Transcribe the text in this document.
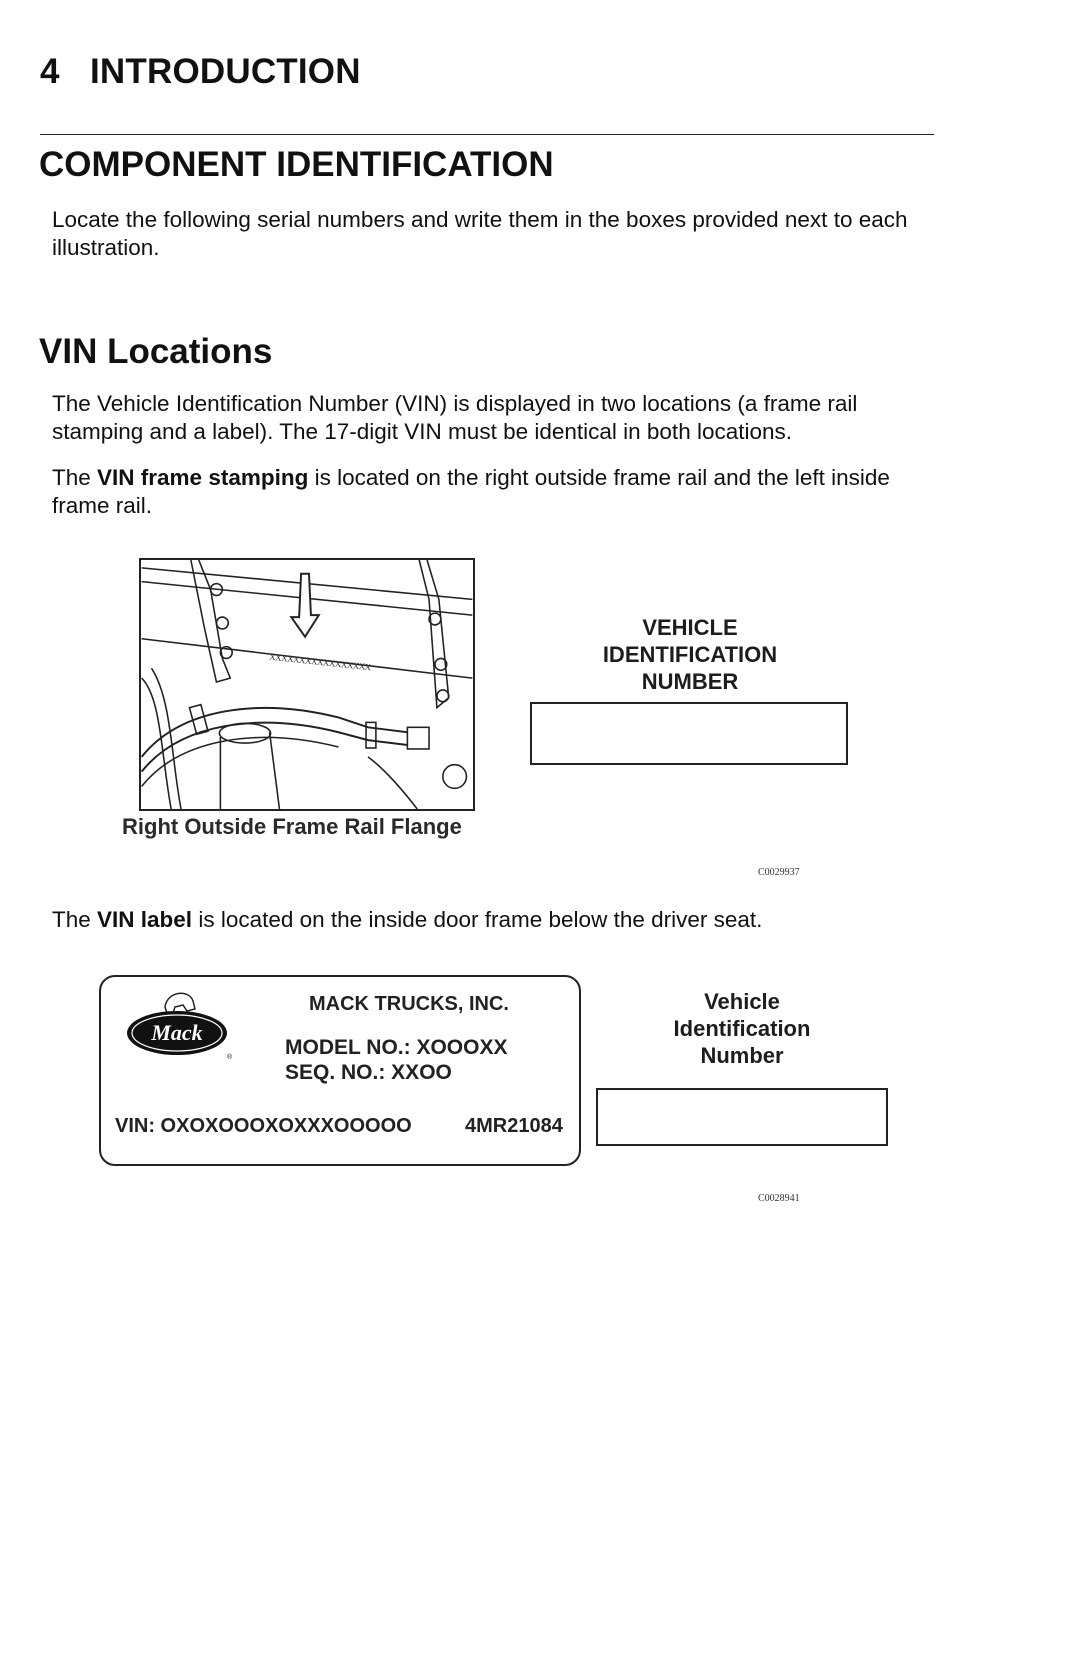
4 INTRODUCTION
COMPONENT IDENTIFICATION
Locate the following serial numbers and write them in the boxes provided next to each illustration.
VIN Locations
The Vehicle Identification Number (VIN) is displayed in two locations (a frame rail stamping and a label). The 17-digit VIN must be identical in both locations.
The VIN frame stamping is located on the right outside frame rail and the left inside frame rail.
XXXXXXXXXXXXXXXXX
Right Outside Frame Rail Flange
VEHICLE
IDENTIFICATION
NUMBER
C0029937
The VIN label is located on the inside door frame below the driver seat.
Mack
®
MACK TRUCKS, INC.
MODEL NO.: XOOOXX
SEQ. NO.: XXOO
VIN: OXOXOOOXOXXXOOOOO	4MR21084
Vehicle
Identification
Number
C0028941
